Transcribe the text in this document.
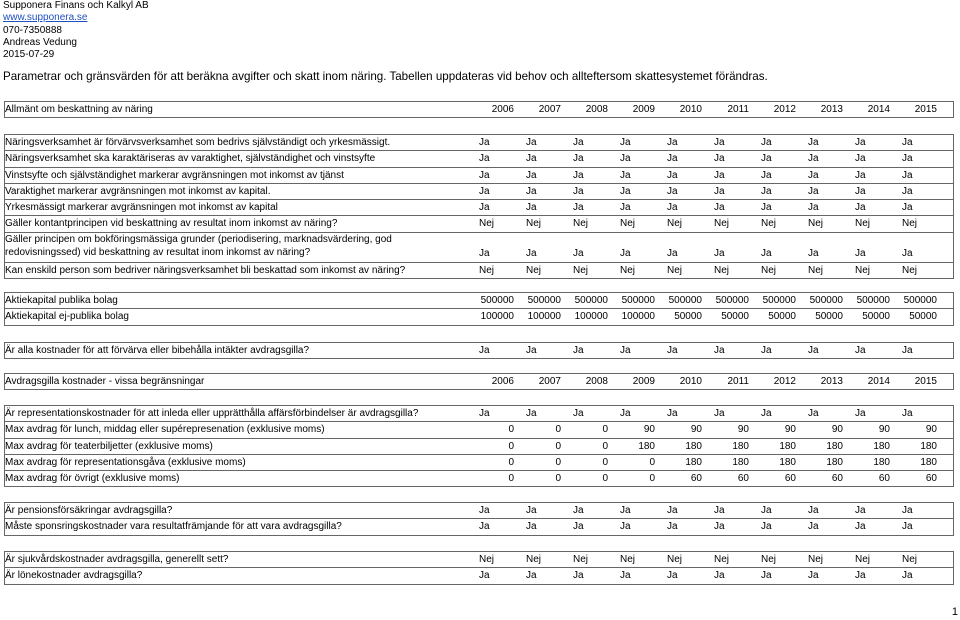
Supponera Finans och Kalkyl AB
www.supponera.se
070-7350888
Andreas Vedung
2015-07-29
Parametrar och gränsvärden för att beräkna avgifter och skatt inom näring. Tabellen uppdateras vid behov och allteftersom skattesystemet förändras.
Allmänt om beskattning av näring	2006	2007	2008	2009	2010	2011	2012	2013	2014	2015
Näringsverksamhet är förvärvsverksamhet som bedrivs självständigt och yrkesmässigt.	Ja	Ja	Ja	Ja	Ja	Ja	Ja	Ja	Ja	Ja
Näringsverksamhet ska karaktäriseras av varaktighet, självständighet och vinstsyfte	Ja	Ja	Ja	Ja	Ja	Ja	Ja	Ja	Ja	Ja
Vinstsyfte och självständighet markerar avgränsningen mot inkomst av tjänst	Ja	Ja	Ja	Ja	Ja	Ja	Ja	Ja	Ja	Ja
Varaktighet markerar avgränsningen mot inkomst av kapital.	Ja	Ja	Ja	Ja	Ja	Ja	Ja	Ja	Ja	Ja
Yrkesmässigt markerar avgränsningen mot inkomst av kapital	Ja	Ja	Ja	Ja	Ja	Ja	Ja	Ja	Ja	Ja
Gäller kontantprincipen vid beskattning av resultat inom inkomst av näring?	Nej	Nej	Nej	Nej	Nej	Nej	Nej	Nej	Nej	Nej
Gäller principen om bokföringsmässiga grunder (periodisering, marknadsvärdering, god
redovisningssed) vid beskattning av resultat inom inkomst av näring?	Ja	Ja	Ja	Ja	Ja	Ja	Ja	Ja	Ja	Ja
Kan enskild person som bedriver näringsverksamhet bli beskattad som inkomst av näring?	Nej	Nej	Nej	Nej	Nej	Nej	Nej	Nej	Nej	Nej
Aktiekapital publika bolag	500000	500000	500000	500000	500000	500000	500000	500000	500000	500000
Aktiekapital ej-publika bolag	100000	100000	100000	100000	50000	50000	50000	50000	50000	50000
Är alla kostnader för att förvärva eller bibehålla intäkter avdragsgilla?	Ja	Ja	Ja	Ja	Ja	Ja	Ja	Ja	Ja	Ja
Avdragsgilla kostnader - vissa begränsningar	2006	2007	2008	2009	2010	2011	2012	2013	2014	2015
Är representationskostnader för att inleda eller upprätthålla affärsförbindelser är avdragsgilla?	Ja	Ja	Ja	Ja	Ja	Ja	Ja	Ja	Ja	Ja
Max avdrag för lunch, middag eller supérepresenation (exklusive moms)	0	0	0	90	90	90	90	90	90	90
Max avdrag för teaterbiljetter (exklusive moms)	0	0	0	180	180	180	180	180	180	180
Max avdrag för representationsgåva (exklusive moms)	0	0	0	0	180	180	180	180	180	180
Max avdrag för övrigt (exklusive moms)	0	0	0	0	60	60	60	60	60	60
Är pensionsförsäkringar avdragsgilla?	Ja	Ja	Ja	Ja	Ja	Ja	Ja	Ja	Ja	Ja
Måste sponsringskostnader vara resultatfrämjande för att vara avdragsgilla?	Ja	Ja	Ja	Ja	Ja	Ja	Ja	Ja	Ja	Ja
Är sjukvårdskostnader avdragsgilla, generellt sett?	Nej	Nej	Nej	Nej	Nej	Nej	Nej	Nej	Nej	Nej
Är lönekostnader avdragsgilla?	Ja	Ja	Ja	Ja	Ja	Ja	Ja	Ja	Ja	Ja
1
